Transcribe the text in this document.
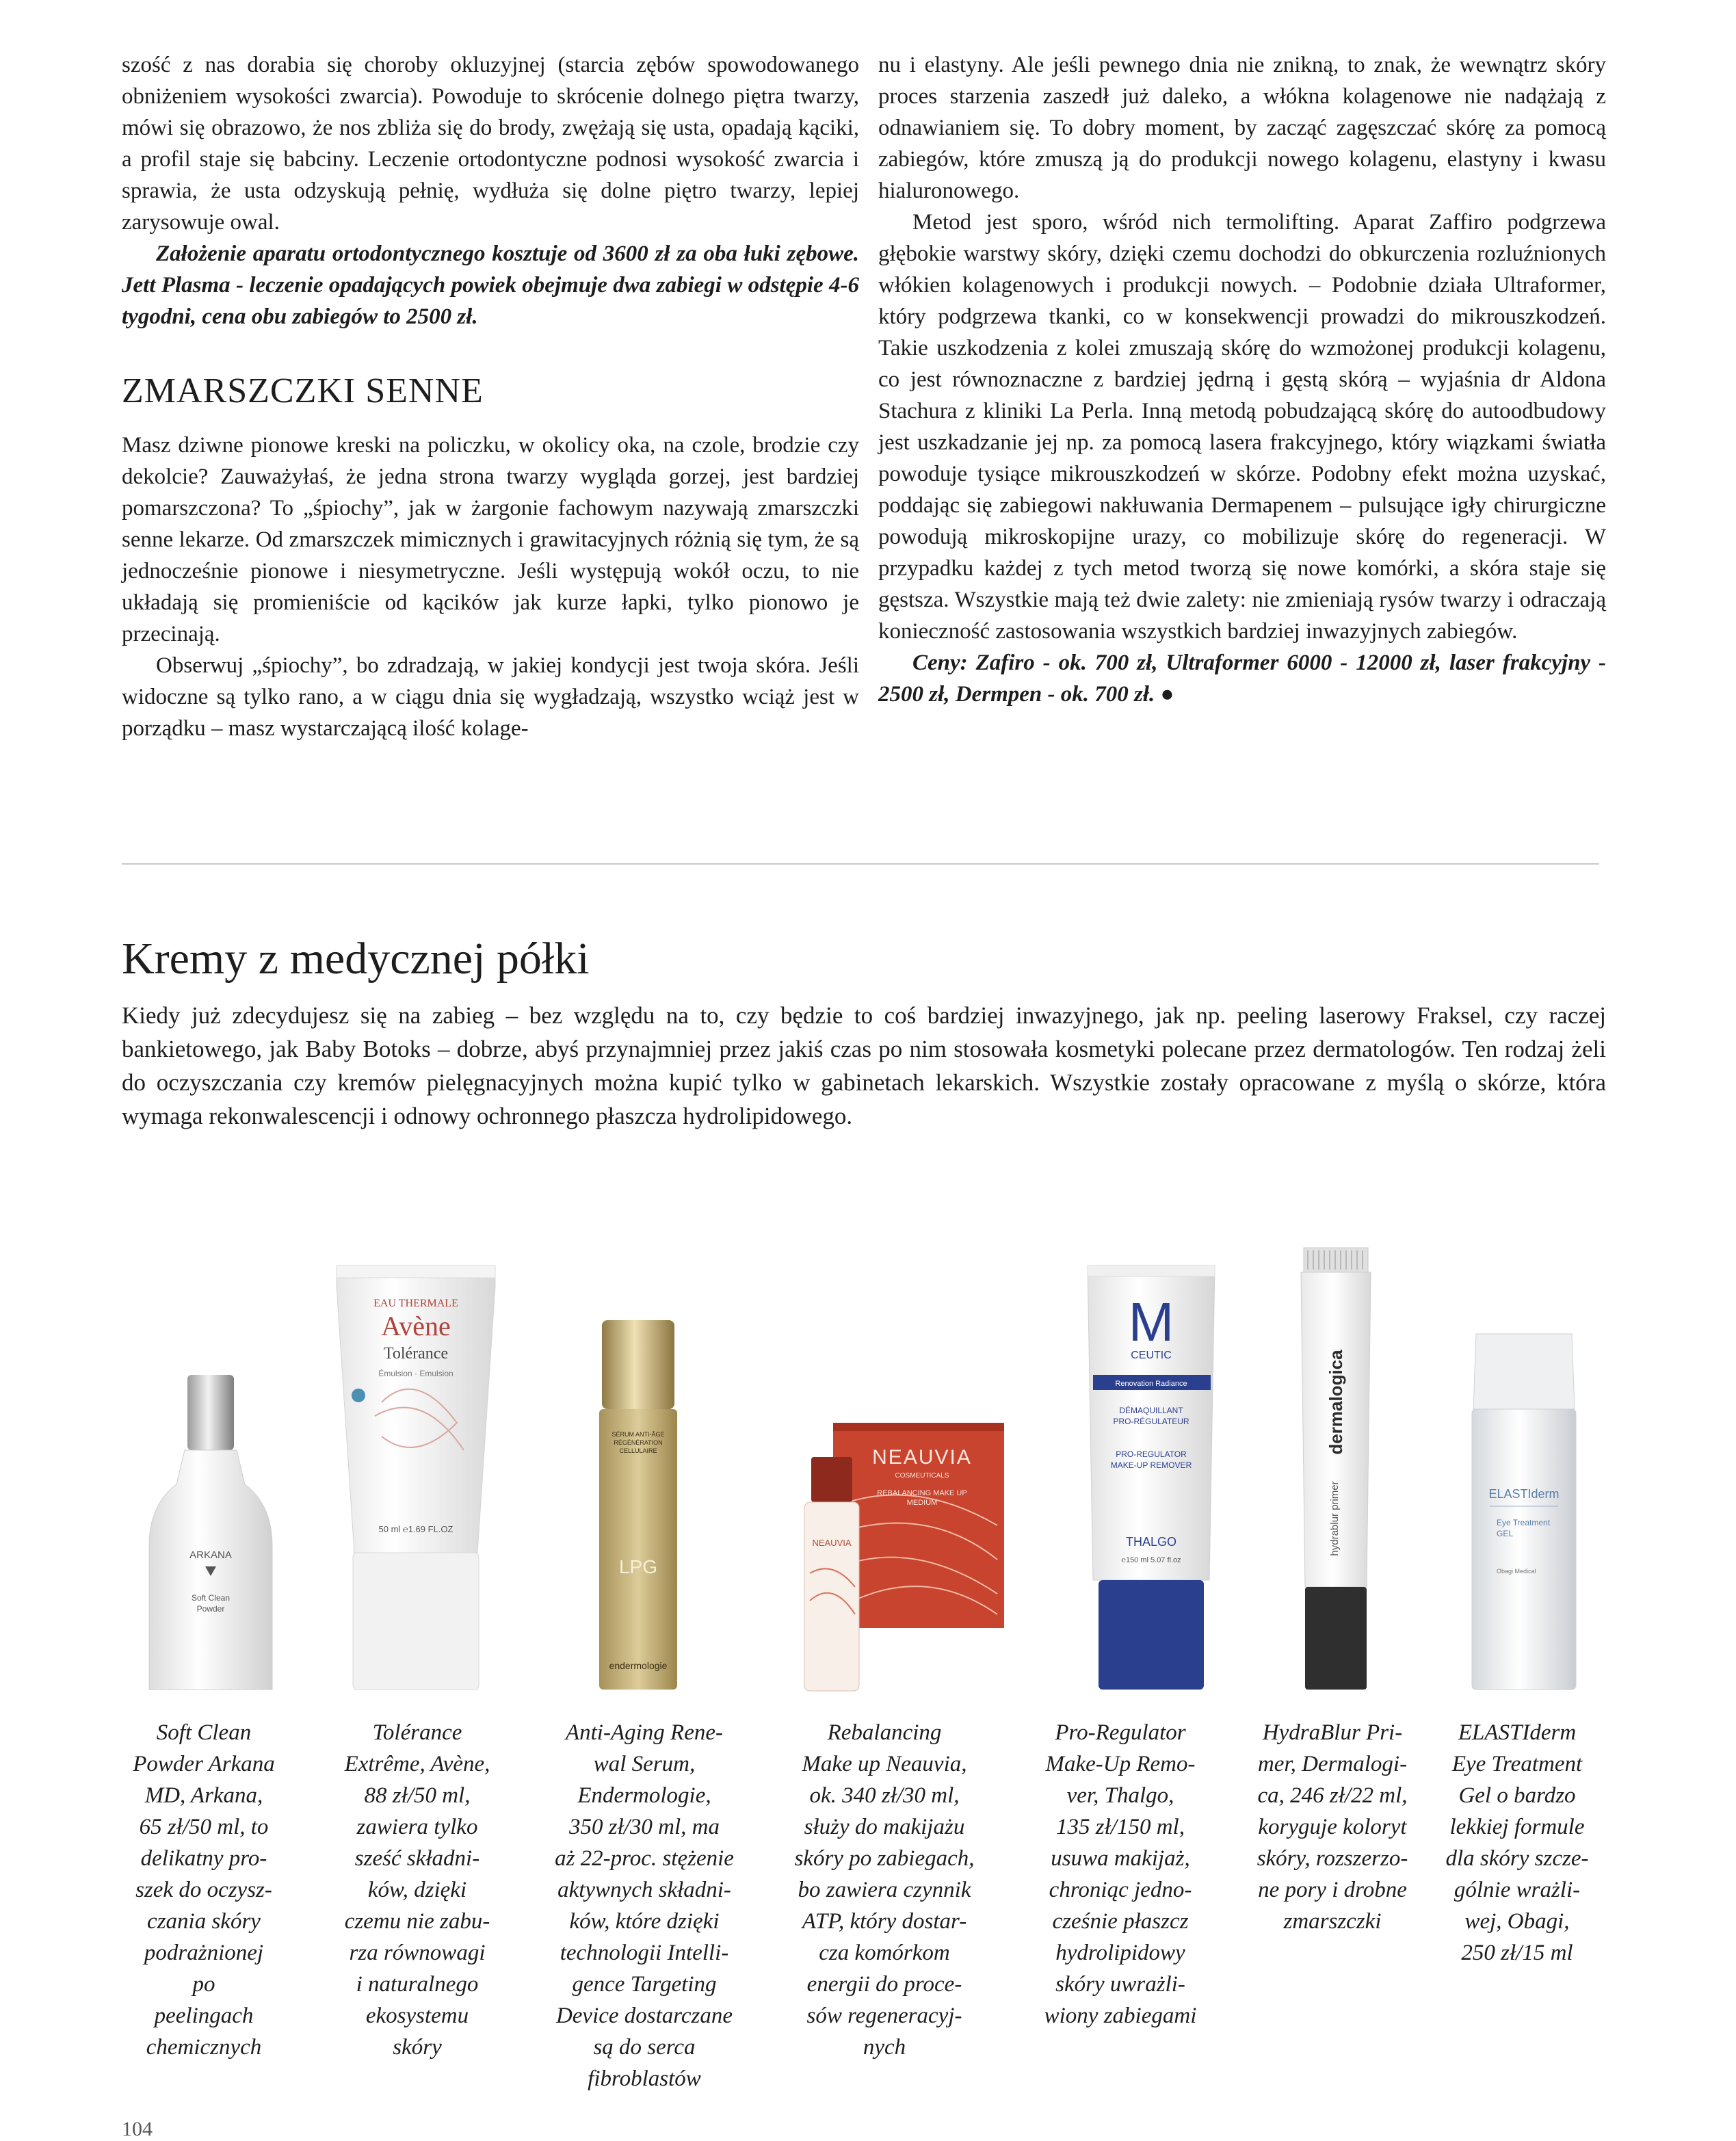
szość z nas dorabia się choroby okluzyjnej (starcia zębów spowodowanego obniżeniem wysokości zwarcia). Powoduje to skrócenie dolnego piętra twarzy, mówi się obrazowo, że nos zbliża się do brody, zwężają się usta, opadają kąciki, a profil staje się babciny. Leczenie ortodontyczne podnosi wysokość zwarcia i sprawia, że usta odzyskują pełnię, wydłuża się dolne piętro twarzy, lepiej zarysowuje owal.

Założenie aparatu ortodontycznego kosztuje od 3600 zł za oba łuki zębowe. Jett Plasma - leczenie opadających powiek obejmuje dwa zabiegi w odstępie 4-6 tygodni, cena obu zabiegów to 2500 zł.

ZMARSZCZKI SENNE

Masz dziwne pionowe kreski na policzku, w okolicy oka, na czole, brodzie czy dekolcie? Zauważyłaś, że jedna strona twarzy wygląda gorzej, jest bardziej pomarszczona? To „śpiochy”, jak w żargonie fachowym nazywają zmarszczki senne lekarze. Od zmarszczek mimicznych i grawitacyjnych różnią się tym, że są jednocześnie pionowe i niesymetryczne. Jeśli występują wokół oczu, to nie układają się promieniście od kącików jak kurze łapki, tylko pionowo je przecinają.

Obserwuj „śpiochy”, bo zdradzają, w jakiej kondycji jest twoja skóra. Jeśli widoczne są tylko rano, a w ciągu dnia się wygładzają, wszystko wciąż jest w porządku – masz wystarczającą ilość kolage-

nu i elastyny. Ale jeśli pewnego dnia nie znikną, to znak, że wewnątrz skóry proces starzenia zaszedł już daleko, a włókna kolagenowe nie nadążają z odnawianiem się. To dobry moment, by zacząć zagęszczać skórę za pomocą zabiegów, które zmuszą ją do produkcji nowego kolagenu, elastyny i kwasu hialuronowego.

Metod jest sporo, wśród nich termolifting. Aparat Zaffiro podgrzewa głębokie warstwy skóry, dzięki czemu dochodzi do obkurczenia rozluźnionych włókien kolagenowych i produkcji nowych. – Podobnie działa Ultraformer, który podgrzewa tkanki, co w konsekwencji prowadzi do mikrouszkodzeń. Takie uszkodzenia z kolei zmuszają skórę do wzmożonej produkcji kolagenu, co jest równoznaczne z bardziej jędrną i gęstą skórą – wyjaśnia dr Aldona Stachura z kliniki La Perla. Inną metodą pobudzającą skórę do autoodbudowy jest uszkadzanie jej np. za pomocą lasera frakcyjnego, który wiązkami światła powoduje tysiące mikrouszkodzeń w skórze. Podobny efekt można uzyskać, poddając się zabiegowi nakłuwania Dermapenem – pulsujące igły chirurgiczne powodują mikroskopijne urazy, co mobilizuje skórę do regeneracji. W przypadku każdej z tych metod tworzą się nowe komórki, a skóra staje się gęstsza. Wszystkie mają też dwie zalety: nie zmieniają rysów twarzy i odraczają konieczność zastosowania wszystkich bardziej inwazyjnych zabiegów.

Ceny: Zafiro - ok. 700 zł, Ultraformer 6000 - 12000 zł, laser frakcyjny - 2500 zł, Dermpen - ok. 700 zł. ●

Kremy z medycznej półki

Kiedy już zdecydujesz się na zabieg – bez względu na to, czy będzie to coś bardziej inwazyjnego, jak np. peeling laserowy Fraksel, czy raczej bankietowego, jak Baby Botoks – dobrze, abyś przynajmniej przez jakiś czas po nim stosowała kosmetyki polecane przez dermatologów. Ten rodzaj żeli do oczyszczania czy kremów pielęgnacyjnych można kupić tylko w gabinetach lekarskich. Wszystkie zostały opracowane z myślą o skórze, która wymaga rekonwalescencji i odnowy ochronnego płaszcza hydrolipidowego.

ARKANA
Soft Clean
Powder
EAU THERMALE
Avène
Tolérance
Émulsion · Emulsion
50 ml ℮1.69 FL.OZ
SÉRUM ANTI-ÂGE
RÉGÉNÉRATION
CELLULAIRE
LPG
endermologie
NEAUVIA
COSMEUTICALS
REBALANCING MAKE UP
MEDIUM
NEAUVIA
M
CEUTIC
Renovation Radiance
DÉMAQUILLANT
PRO-RÉGULATEUR
PRO-REGULATOR
MAKE-UP REMOVER
THALGO
℮150 ml 5.07 fl.oz
dermalogica
hydrablur primer	ELASTIderm
Eye Treatment
GEL
Obagi Medical
Soft Clean
Powder Arkana
MD, Arkana,
65 zł/50 ml, to
delikatny pro-
szek do oczysz-
czania skóry
podrażnionej
po
peelingach
chemicznych
Tolérance
Extrême, Avène,
88 zł/50 ml,
zawiera tylko
sześć składni-
ków, dzięki
czemu nie zabu-
rza równowagi
i naturalnego
ekosystemu
skóry
Anti-Aging Rene-
wal Serum,
Endermologie,
350 zł/30 ml, ma
aż 22-proc. stężenie
aktywnych składni-
ków, które dzięki
technologii Intelli-
gence Targeting
Device dostarczane
są do serca
fibroblastów
Rebalancing
Make up Neauvia,
ok. 340 zł/30 ml,
służy do makijażu
skóry po zabiegach,
bo zawiera czynnik
ATP, który dostar-
cza komórkom
energii do proce-
sów regeneracyj-
nych
Pro-Regulator
Make-Up Remo-
ver, Thalgo,
135 zł/150 ml,
usuwa makijaż,
chroniąc jedno-
cześnie płaszcz
hydrolipidowy
skóry uwrażli-
wiony zabiegami
HydraBlur Pri-
mer, Dermalogi-
ca, 246 zł/22 ml,
koryguje koloryt
skóry, rozszerzo-
ne pory i drobne
zmarszczki
ELASTIderm
Eye Treatment
Gel o bardzo
lekkiej formule
dla skóry szcze-
gólnie wrażli-
wej, Obagi,
250 zł/15 ml
104
